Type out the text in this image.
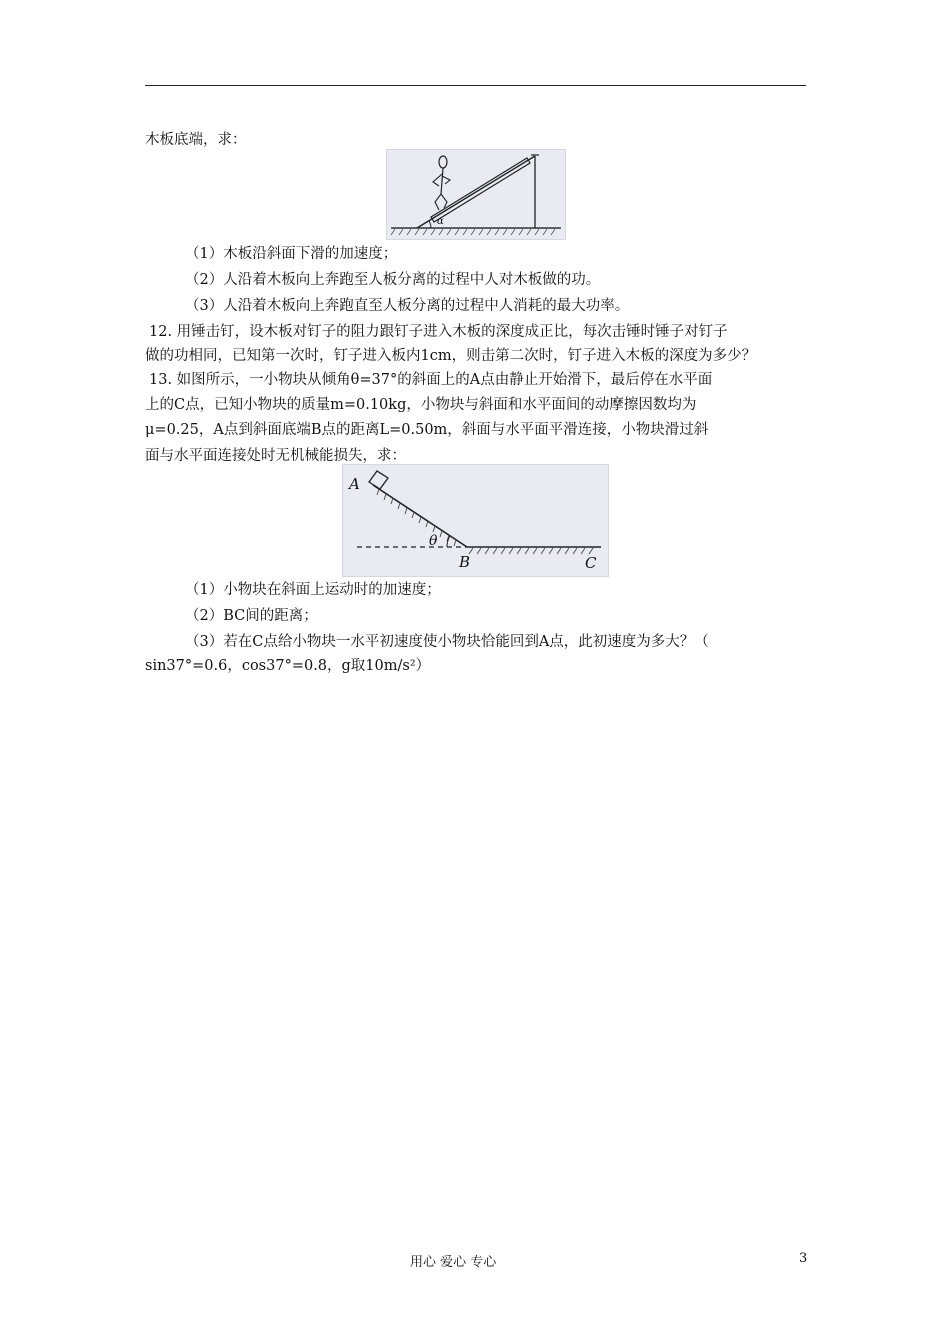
木板底端，求：
α
（1）木板沿斜面下滑的加速度；
（2）人沿着木板向上奔跑至人板分离的过程中人对木板做的功。
（3）人沿着木板向上奔跑直至人板分离的过程中人消耗的最大功率。
12. 用锤击钉，设木板对钉子的阻力跟钉子进入木板的深度成正比，每次击锤时锤子对钉子
做的功相同，已知第一次时，钉子进入板内1cm，则击第二次时，钉子进入木板的深度为多少？
13. 如图所示，一小物块从倾角θ=37°的斜面上的A点由静止开始滑下，最后停在水平面
上的C点，已知小物块的质量m=0.10kg，小物块与斜面和水平面间的动摩擦因数均为
μ=0.25，A点到斜面底端B点的距离L=0.50m，斜面与水平面平滑连接，小物块滑过斜
面与水平面连接处时无机械能损失，求：
A
θ
B	C
（1）小物块在斜面上运动时的加速度；
（2）BC间的距离；
（3）若在C点给小物块一水平初速度使小物块恰能回到A点，此初速度为多大？（
sin37°=0.6，cos37°=0.8，g取10m/s²）
用心 爱心 专心	3
